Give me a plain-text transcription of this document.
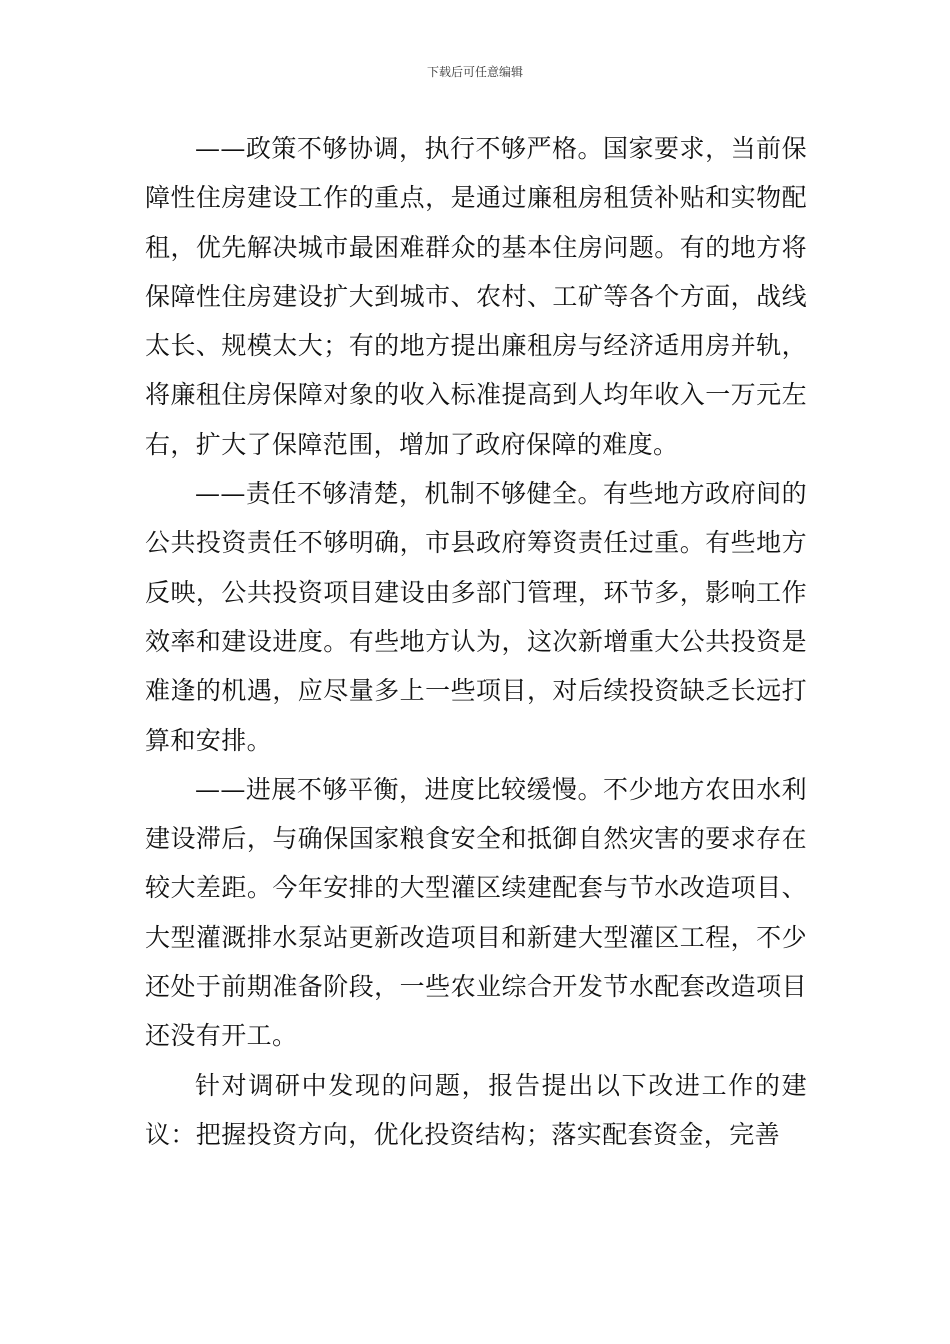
下载后可任意编辑

——政策不够协调，执行不够严格。国家要求，当前保障性住房建设工作的重点，是通过廉租房租赁补贴和实物配租，优先解决城市最困难群众的基本住房问题。有的地方将保障性住房建设扩大到城市、农村、工矿等各个方面，战线太长、规模太大；有的地方提出廉租房与经济适用房并轨，将廉租住房保障对象的收入标准提高到人均年收入一万元左右，扩大了保障范围，增加了政府保障的难度。

——责任不够清楚，机制不够健全。有些地方政府间的公共投资责任不够明确，市县政府筹资责任过重。有些地方反映，公共投资项目建设由多部门管理，环节多，影响工作效率和建设进度。有些地方认为，这次新增重大公共投资是难逢的机遇，应尽量多上一些项目，对后续投资缺乏长远打算和安排。

——进展不够平衡，进度比较缓慢。不少地方农田水利建设滞后，与确保国家粮食安全和抵御自然灾害的要求存在较大差距。今年安排的大型灌区续建配套与节水改造项目、大型灌溉排水泵站更新改造项目和新建大型灌区工程，不少还处于前期准备阶段，一些农业综合开发节水配套改造项目还没有开工。

针对调研中发现的问题，报告提出以下改进工作的建议：把握投资方向，优化投资结构；落实配套资金，完善
